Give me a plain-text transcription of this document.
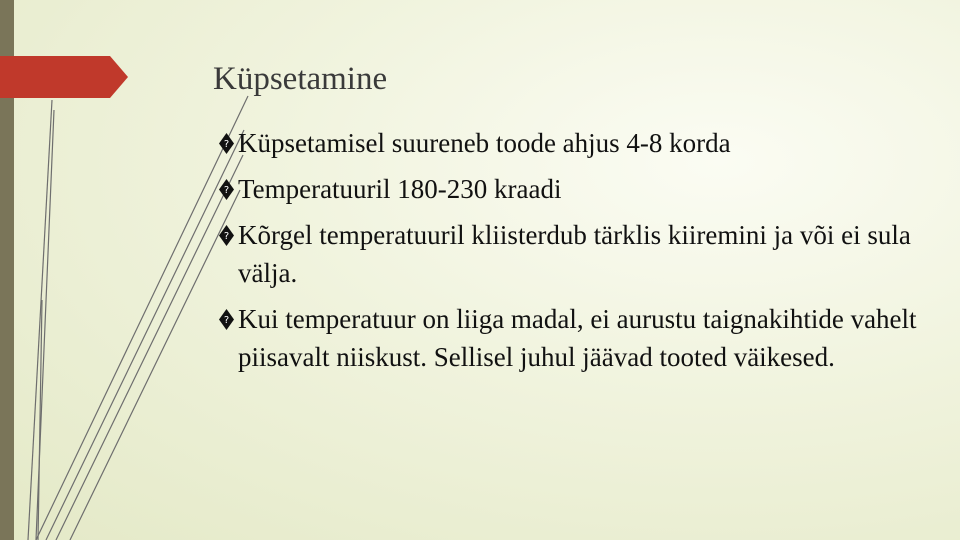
Küpsetamine
? Küpsetamisel suureneb toode ahjus 4-8 korda
? Temperatuuril 180-230 kraadi
? Kõrgel temperatuuril kliisterdub tärklis kiiremini ja või ei sula välja.
? Kui temperatuur on liiga madal, ei aurustu taignakihtide vahelt piisavalt niiskust. Sellisel juhul jäävad tooted väikesed.
